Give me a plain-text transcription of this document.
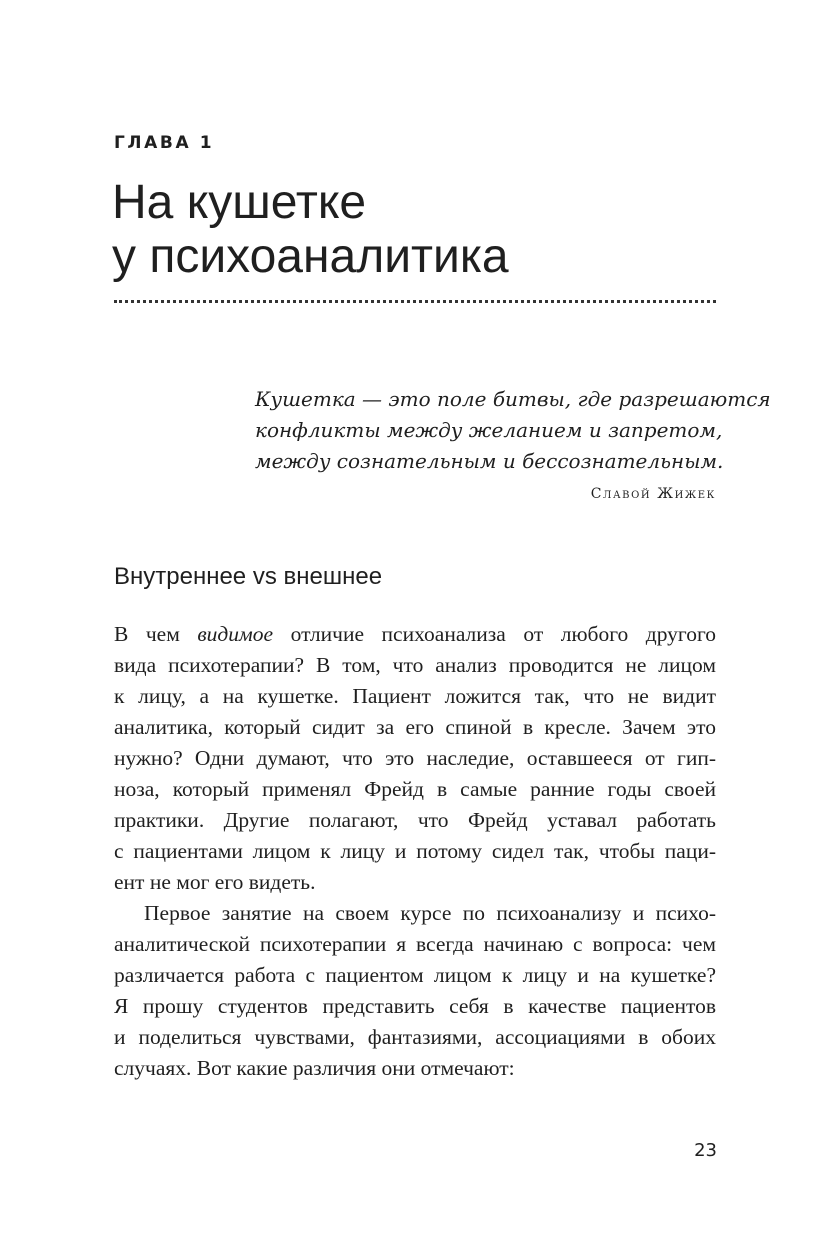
ГЛАВА 1
На кушетке
у психоаналитика
Кушетка — это поле битвы, где разрешаются
конфликты между желанием и запретом,
между сознательным и бессознательным.
Славой Жижек
Внутреннее vs внешнее
В чем видимое отличие психоанализа от любого другого
вида психотерапии? В том, что анализ проводится не лицом
к лицу, а на кушетке. Пациент ложится так, что не видит
аналитика, который сидит за его спиной в кресле. Зачем это
нужно? Одни думают, что это наследие, оставшееся от гип-
ноза, который применял Фрейд в самые ранние годы своей
практики. Другие полагают, что Фрейд уставал работать
с пациентами лицом к лицу и потому сидел так, чтобы паци-
ент не мог его видеть.
Первое занятие на своем курсе по психоанализу и психо-
аналитической психотерапии я всегда начинаю с вопроса: чем
различается работа с пациентом лицом к лицу и на кушетке?
Я прошу студентов представить себя в качестве пациентов
и поделиться чувствами, фантазиями, ассоциациями в обоих
случаях. Вот какие различия они отмечают:
23
